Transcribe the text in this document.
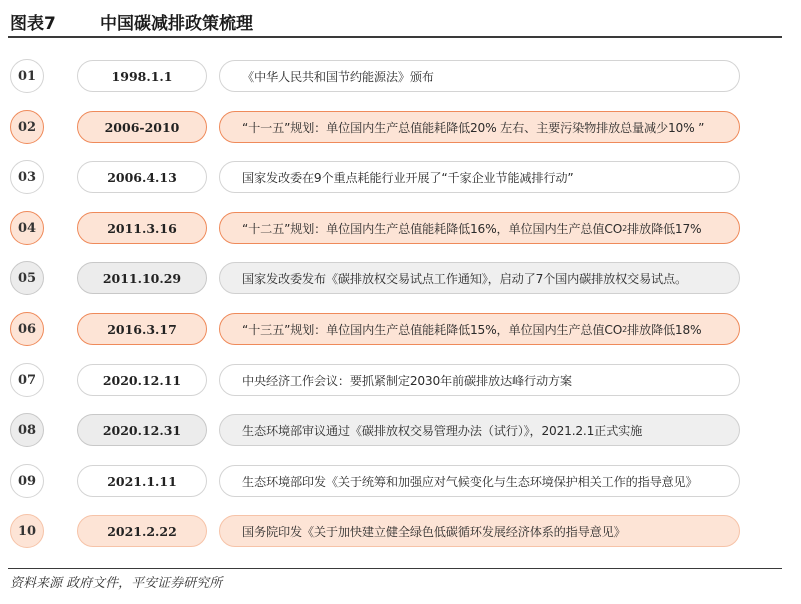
图表7	中国碳减排政策梳理
01	1998.1.1	《中华人民共和国节约能源法》颁布
02	2006-2010	“十一五”规划：单位国内生产总值能耗降低20% 左右、主要污染物排放总量减少10% ”
03	2006.4.13	国家发改委在9个重点耗能行业开展了“千家企业节能减排行动”
04	2011.3.16	“十二五”规划：单位国内生产总值能耗降低16%，单位国内生产总值CO 2 排放降低17%
05	2011.10.29	国家发改委发布《碳排放权交易试点工作通知》，启动了7个国内碳排放权交易试点。
06	2016.3.17	“十三五”规划：单位国内生产总值能耗降低15%，单位国内生产总值CO 2 排放降低18%
07	2020.12.11	中央经济工作会议：要抓紧制定2030年前碳排放达峰行动方案
08	2020.12.31	生态环境部审议通过《碳排放权交易管理办法（试行）》，2021.2.1正式实施
09	2021.1.11	生态环境部印发《关于统筹和加强应对气候变化与生态环境保护相关工作的指导意见》
10	2021.2.22	国务院印发《关于加快建立健全绿色低碳循环发展经济体系的指导意见》
资料来源 政府文件，平安证券研究所
